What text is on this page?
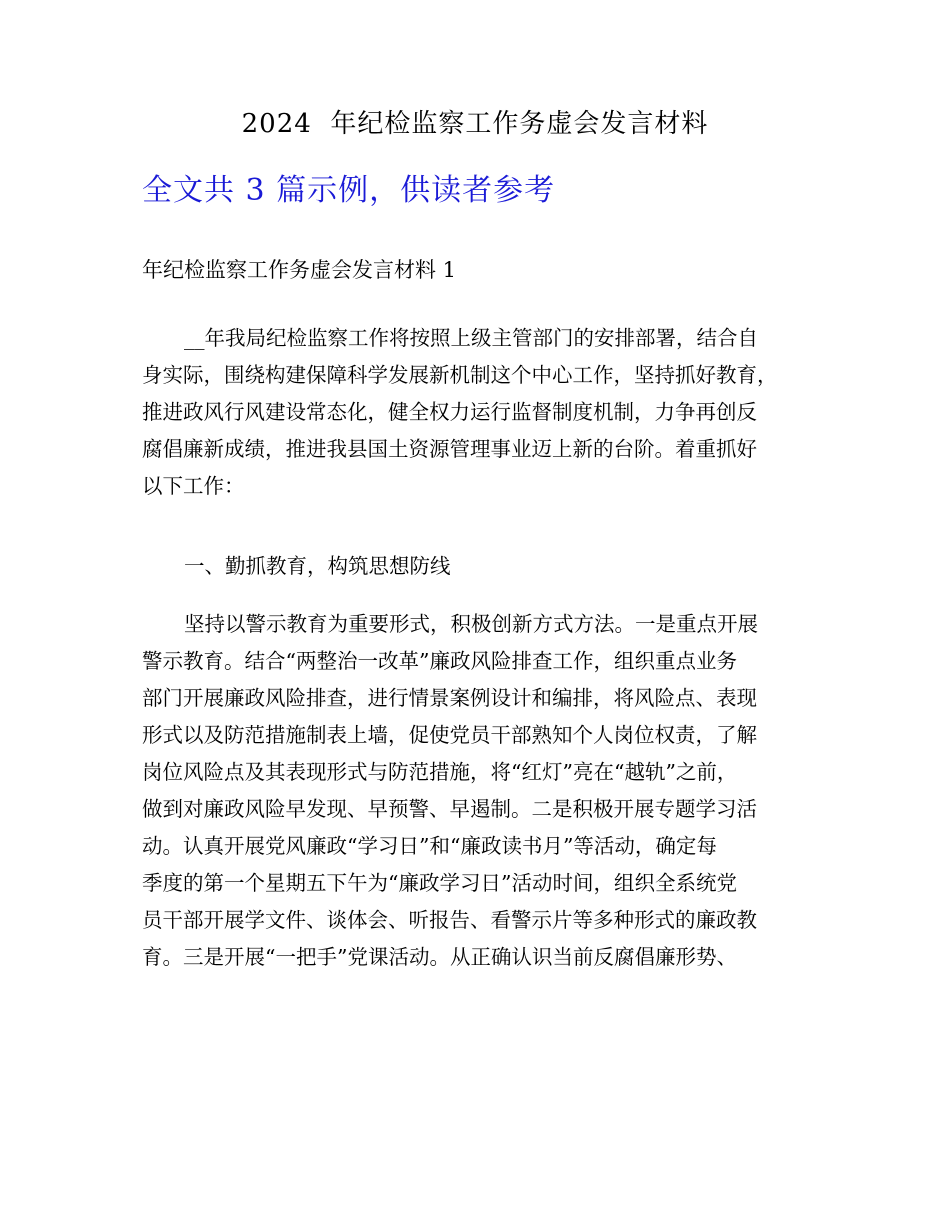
2024  年纪检监察工作务虚会发言材料
全文共 3 篇示例，供读者参考
年纪检监察工作务虚会发言材料 1
__年我局纪检监察工作将按照上级主管部门的安排部署，结合自
身实际，围绕构建保障科学发展新机制这个中心工作，坚持抓好教育，
推进政风行风建设常态化，健全权力运行监督制度机制，力争再创反
腐倡廉新成绩，推进我县国土资源管理事业迈上新的台阶。着重抓好
以下工作：
一、勤抓教育，构筑思想防线
坚持以警示教育为重要形式，积极创新方式方法。一是重点开展
警示教育。结合“两整治一改革”廉政风险排查工作，组织重点业务
部门开展廉政风险排查，进行情景案例设计和编排，将风险点、表现
形式以及防范措施制表上墙，促使党员干部熟知个人岗位权责，了解
岗位风险点及其表现形式与防范措施，将“红灯”亮在“越轨”之前，
做到对廉政风险早发现、早预警、早遏制。二是积极开展专题学习活
动。认真开展党风廉政“学习日”和“廉政读书月”等活动，确定每
季度的第一个星期五下午为“廉政学习日”活动时间，组织全系统党
员干部开展学文件、谈体会、听报告、看警示片等多种形式的廉政教
育。三是开展“一把手”党课活动。从正确认识当前反腐倡廉形势、
